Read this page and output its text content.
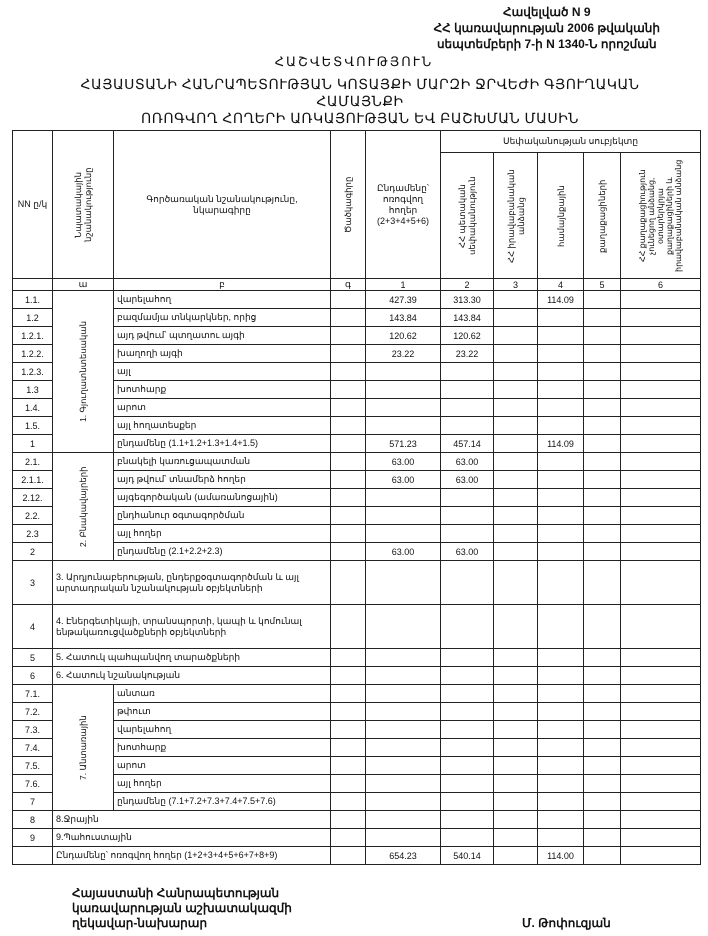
Հավելված N 9
ՀՀ կառավարության 2006 թվականի
սեպտեմբերի 7-ի N 1340-Ն որոշման
ՀԱՇՎԵՏՎՈՒԹՅՈՒՆ
ՀԱՅԱՍՏԱՆԻ ՀԱՆՐԱՊԵՏՈՒԹՅԱՆ ԿՈՏԱՅՔԻ ՄԱՐԶԻ ՋՐՎԵԺԻ ԳՅՈՒՂԱԿԱՆ ՀԱՄԱՅՆՔԻ
ՈՌՈԳՎՈՂ ՀՈՂԵՐԻ ԱՌԿԱՅՈՒԹՅԱՆ ԵՎ ԲԱՇԽՄԱՆ ՄԱՍԻՆ
NN ը/կ	Նպատակային նշանակությունը	Գործառական նշանակությունը, նկարագիրը	Ծածկագիրը	Ընդամենը՝ ոռոգվող հողեր (2+3+4+5+6)	Սեփականության սուբյեկտը				

					ՀՀ պետական սեփականություն	ՀՀ իրավաբանական անձանց	համայնքային	քաղաքացիների	ՀՀ քաղաքացիություն չունեցող անձանց, օտարերկրյա քաղաքացիների և իրավաբանական անձանց

	ա	բ	գ	1	2	3	4	5	6
1.1.	1. Գյուղատնտեսական	վարելահող		427.39	313.30		114.09		
1.2		բազմամյա տնկարկներ, որից		143.84	143.84				
1.2.1.		այդ թվում՝ պտղատու այգի		120.62	120.62				
1.2.2.		խաղողի այգի		23.22	23.22				
1.2.3.		այլ							
1.3		խոտհարք							
1.4.		արոտ							
1.5.		այլ հողատեսքեր							
1		ընդամենը (1.1+1.2+1.3+1.4+1.5)		571.23	457.14		114.09		
2.1.	2. Բնակավայրերի	բնակելի կառուցապատման		63.00	63.00				
2.1.1.		այդ թվում՝ տնամերձ հողեր		63.00	63.00				
2.12.		այգեգործական (ամառանոցային)							
2.2.		ընդհանուր օգտագործման							
2.3		այլ հողեր							
2		ընդամենը (2.1+2.2+2.3)		63.00	63.00				
3	3. Արդյունաբերության, ընդերքօգտագործման և այլ արտադրական նշանակության օբյեկտների								
4	4. Էներգետիկայի, տրանսպորտի, կապի և կոմունալ ենթակառուցվածքների օբյեկտների								
5	5. Հատուկ պահպանվող տարածքների								
6	6. Հատուկ նշանակության								
7.1.	7. Անտառային	անտառ							
7.2.		թփուտ							
7.3.		վարելահող							
7.4.		խոտհարք							
7.5.		արոտ							
7.6.		այլ հողեր							
7		ընդամենը (7.1+7.2+7.3+7.4+7.5+7.6)							
8	8.Ջրային								
9	9.Պահուստային								
	Ընդամենը՝ ոռոգվող հողեր (1+2+3+4+5+6+7+8+9)			654.23	540.14		114.00		
Հայաստանի Հանրապետության
կառավարության աշխատակազմի
ղեկավար-նախարար	Մ. Թոփուզյան
